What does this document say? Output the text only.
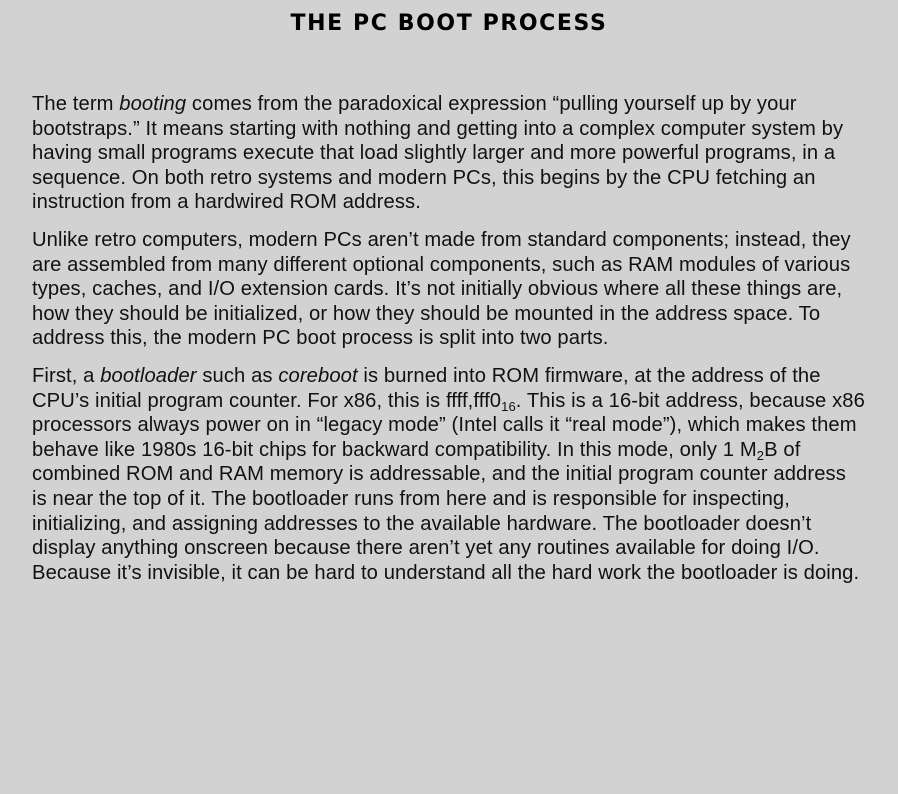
THE PC BOOT PROCESS

The term booting comes from the paradoxical expression “pulling yourself up by your bootstraps.” It means starting with nothing and getting into a complex computer system by having small programs execute that load slightly larger and more powerful programs, in a sequence. On both retro systems and modern PCs, this begins by the CPU fetching an instruction from a hardwired ROM address.

Unlike retro computers, modern PCs aren’t made from standard components; instead, they are assembled from many different optional components, such as RAM modules of various types, caches, and I/O extension cards. It’s not initially obvious where all these things are, how they should be initialized, or how they should be mounted in the address space. To address this, the modern PC boot process is split into two parts.

First, a bootloader such as coreboot is burned into ROM firmware, at the address of the CPU’s initial program counter. For x86, this is $ffff,fff0_{16}$. This is a 16-bit address, because x86 processors always power on in “legacy mode” (Intel calls it “real mode”), which makes them behave like 1980s 16-bit chips for backward compatibility. In this mode, only 1 $M_2B$ of combined ROM and RAM memory is addressable, and the initial program counter address is near the top of it. The bootloader runs from here and is responsible for inspecting, initializing, and assigning addresses to the available hardware. The bootloader doesn’t display anything onscreen because there aren’t yet any routines available for doing I/O. Because it’s invisible, it can be hard to understand all the hard work the bootloader is doing.
